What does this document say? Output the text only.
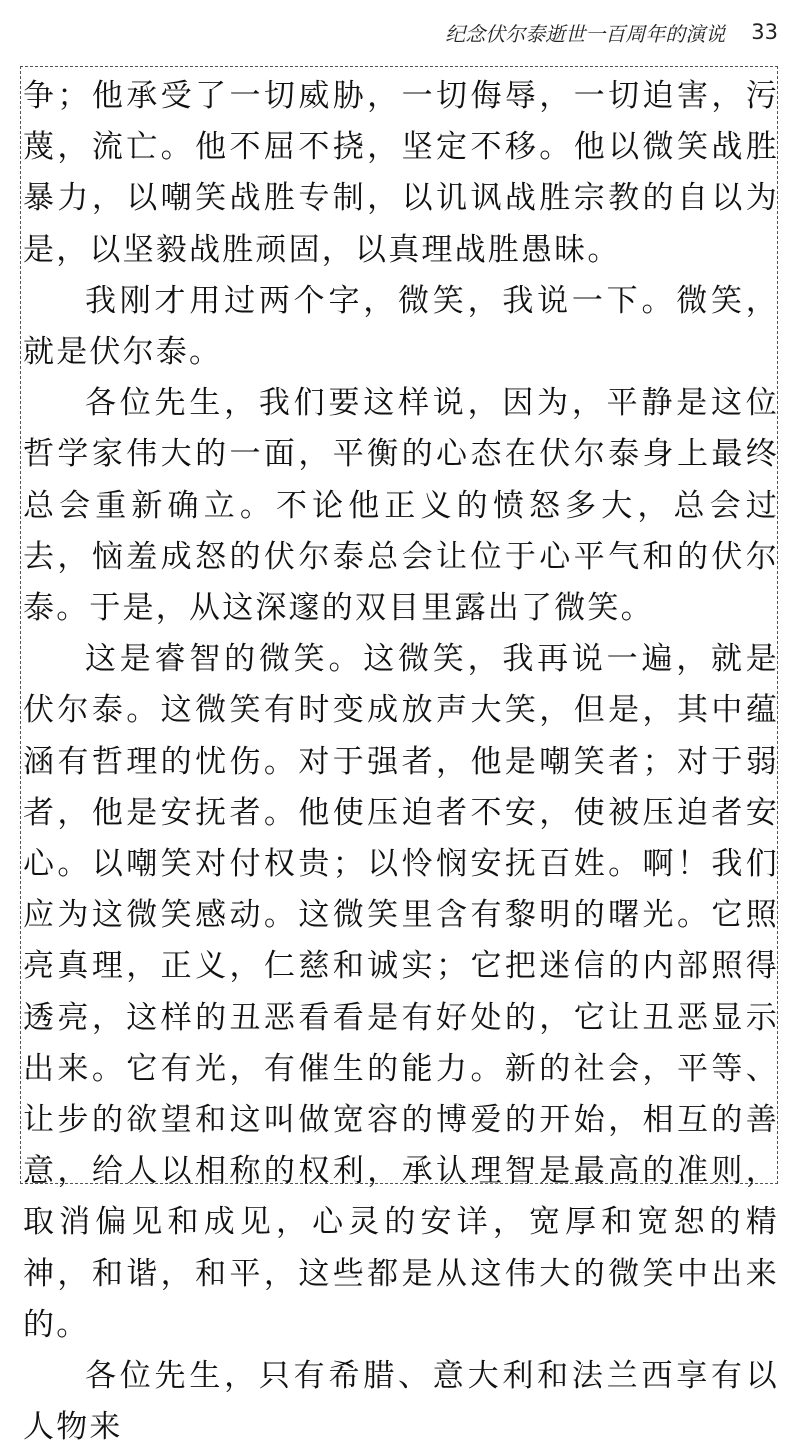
纪念伏尔泰逝世一百周年的演说 33

争；他承受了一切威胁，一切侮辱，一切迫害，污蔑，流亡。他不屈不挠，坚定不移。他以微笑战胜暴力，以嘲笑战胜专制，以讥讽战胜宗教的自以为是，以坚毅战胜顽固，以真理战胜愚昧。

我刚才用过两个字，微笑，我说一下。微笑，就是伏尔泰。

各位先生，我们要这样说，因为，平静是这位哲学家伟大的一面，平衡的心态在伏尔泰身上最终总会重新确立。不论他正义的愤怒多大，总会过去，恼羞成怒的伏尔泰总会让位于心平气和的伏尔泰。于是，从这深邃的双目里露出了微笑。

这是睿智的微笑。这微笑，我再说一遍，就是伏尔泰。这微笑有时变成放声大笑，但是，其中蕴涵有哲理的忧伤。对于强者，他是嘲笑者；对于弱者，他是安抚者。他使压迫者不安，使被压迫者安心。以嘲笑对付权贵；以怜悯安抚百姓。啊！我们应为这微笑感动。这微笑里含有黎明的曙光。它照亮真理，正义，仁慈和诚实；它把迷信的内部照得透亮，这样的丑恶看看是有好处的，它让丑恶显示出来。它有光，有催生的能力。新的社会，平等、让步的欲望和这叫做宽容的博爱的开始，相互的善意，给人以相称的权利，承认理智是最高的准则，取消偏见和成见，心灵的安详，宽厚和宽恕的精神，和谐，和平，这些都是从这伟大的微笑中出来的。

各位先生，只有希腊、意大利和法兰西享有以人物来
